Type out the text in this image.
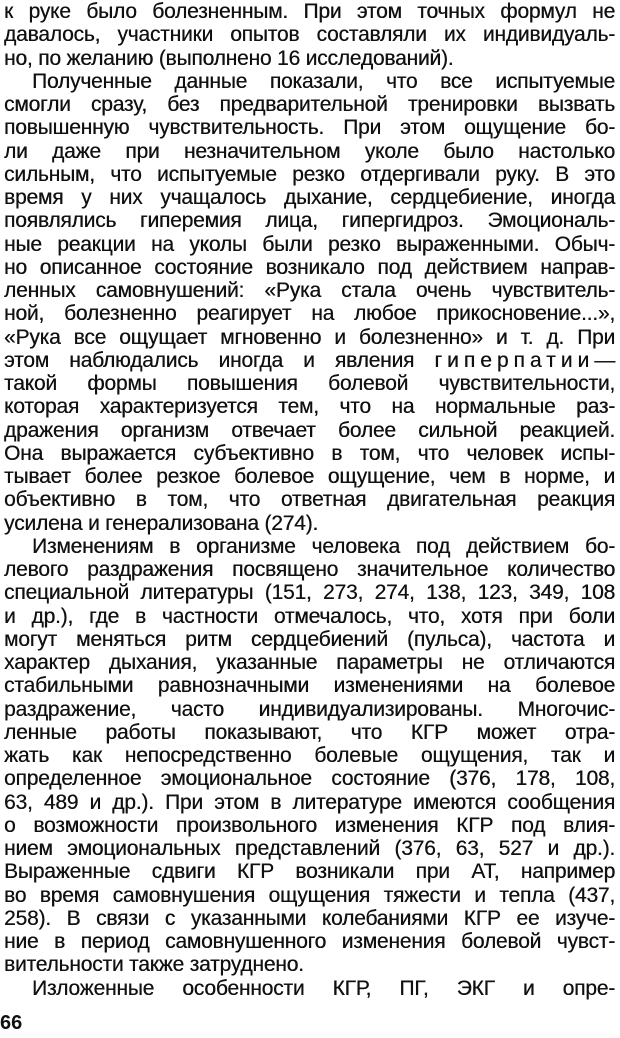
к руке было болезненным. При этом точных формул не
давалось, участники опытов составляли их индивидуаль-
но, по желанию (выполнено 16 исследований).
Полученные данные показали, что все испытуемые
смогли сразу, без предварительной тренировки вызвать
повышенную чувствительность. При этом ощущение бо-
ли даже при незначительном уколе было настолько
сильным, что испытуемые резко отдергивали руку. В это
время у них учащалось дыхание, сердцебиение, иногда
появлялись гиперемия лица, гипергидроз. Эмоциональ-
ные реакции на уколы были резко выраженными. Обыч-
но описанное состояние возникало под действием направ-
ленных самовнушений: «Рука стала очень чувствитель-
ной, болезненно реагирует на любое прикосновение...»,
«Рука все ощущает мгновенно и болезненно» и т. д. При
этом наблюдались иногда и явления гиперпатии—
такой формы повышения болевой чувствительности,
которая характеризуется тем, что на нормальные раз-
дражения организм отвечает более сильной реакцией.
Она выражается субъективно в том, что человек испы-
тывает более резкое болевое ощущение, чем в норме, и
объективно в том, что ответная двигательная реакция
усилена и генерализована (274).
Изменениям в организме человека под действием бо-
левого раздражения посвящено значительное количество
специальной литературы (151, 273, 274, 138, 123, 349, 108
и др.), где в частности отмечалось, что, хотя при боли
могут меняться ритм сердцебиений (пульса), частота и
характер дыхания, указанные параметры не отличаются
стабильными равнозначными изменениями на болевое
раздражение, часто индивидуализированы. Многочис-
ленные работы показывают, что КГР может отра-
жать как непосредственно болевые ощущения, так и
определенное эмоциональное состояние (376, 178, 108,
63, 489 и др.). При этом в литературе имеются сообщения
о возможности произвольного изменения КГР под влия-
нием эмоциональных представлений (376, 63, 527 и др.).
Выраженные сдвиги КГР возникали при АТ, например
во время самовнушения ощущения тяжести и тепла (437,
258). В связи с указанными колебаниями КГР ее изуче-
ние в период самовнушенного изменения болевой чувст-
вительности также затруднено.
Изложенные особенности КГР, ПГ, ЭКГ и опре-
66
